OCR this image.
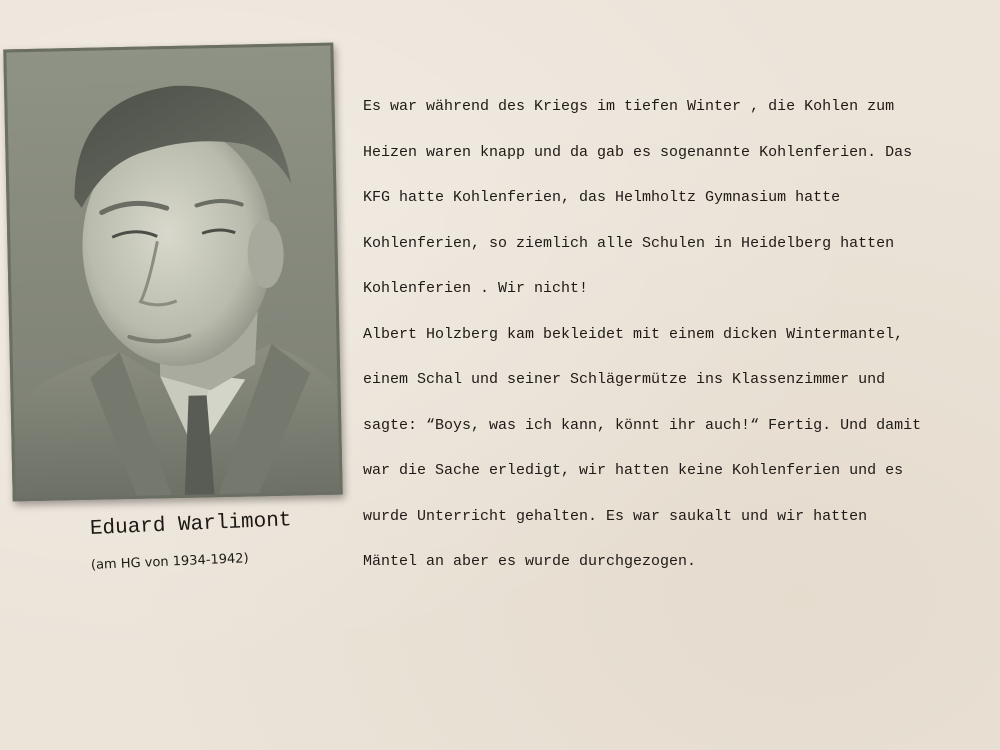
Eduard Warlimont
(am HG von 1934-1942)
Es war während des Kriegs im tiefen Winter , die Kohlen zum
Heizen waren knapp und da gab es sogenannte Kohlenferien. Das
KFG hatte Kohlenferien, das Helmholtz Gymnasium hatte
Kohlenferien, so ziemlich alle Schulen in Heidelberg hatten
Kohlenferien . Wir nicht!
Albert Holzberg kam bekleidet mit einem dicken Wintermantel,
einem Schal und seiner Schlägermütze ins Klassenzimmer und
sagte: “Boys, was ich kann, könnt ihr auch!“ Fertig. Und damit
war die Sache erledigt, wir hatten keine Kohlenferien und es
wurde Unterricht gehalten. Es war saukalt und wir hatten
Mäntel an aber es wurde durchgezogen.
